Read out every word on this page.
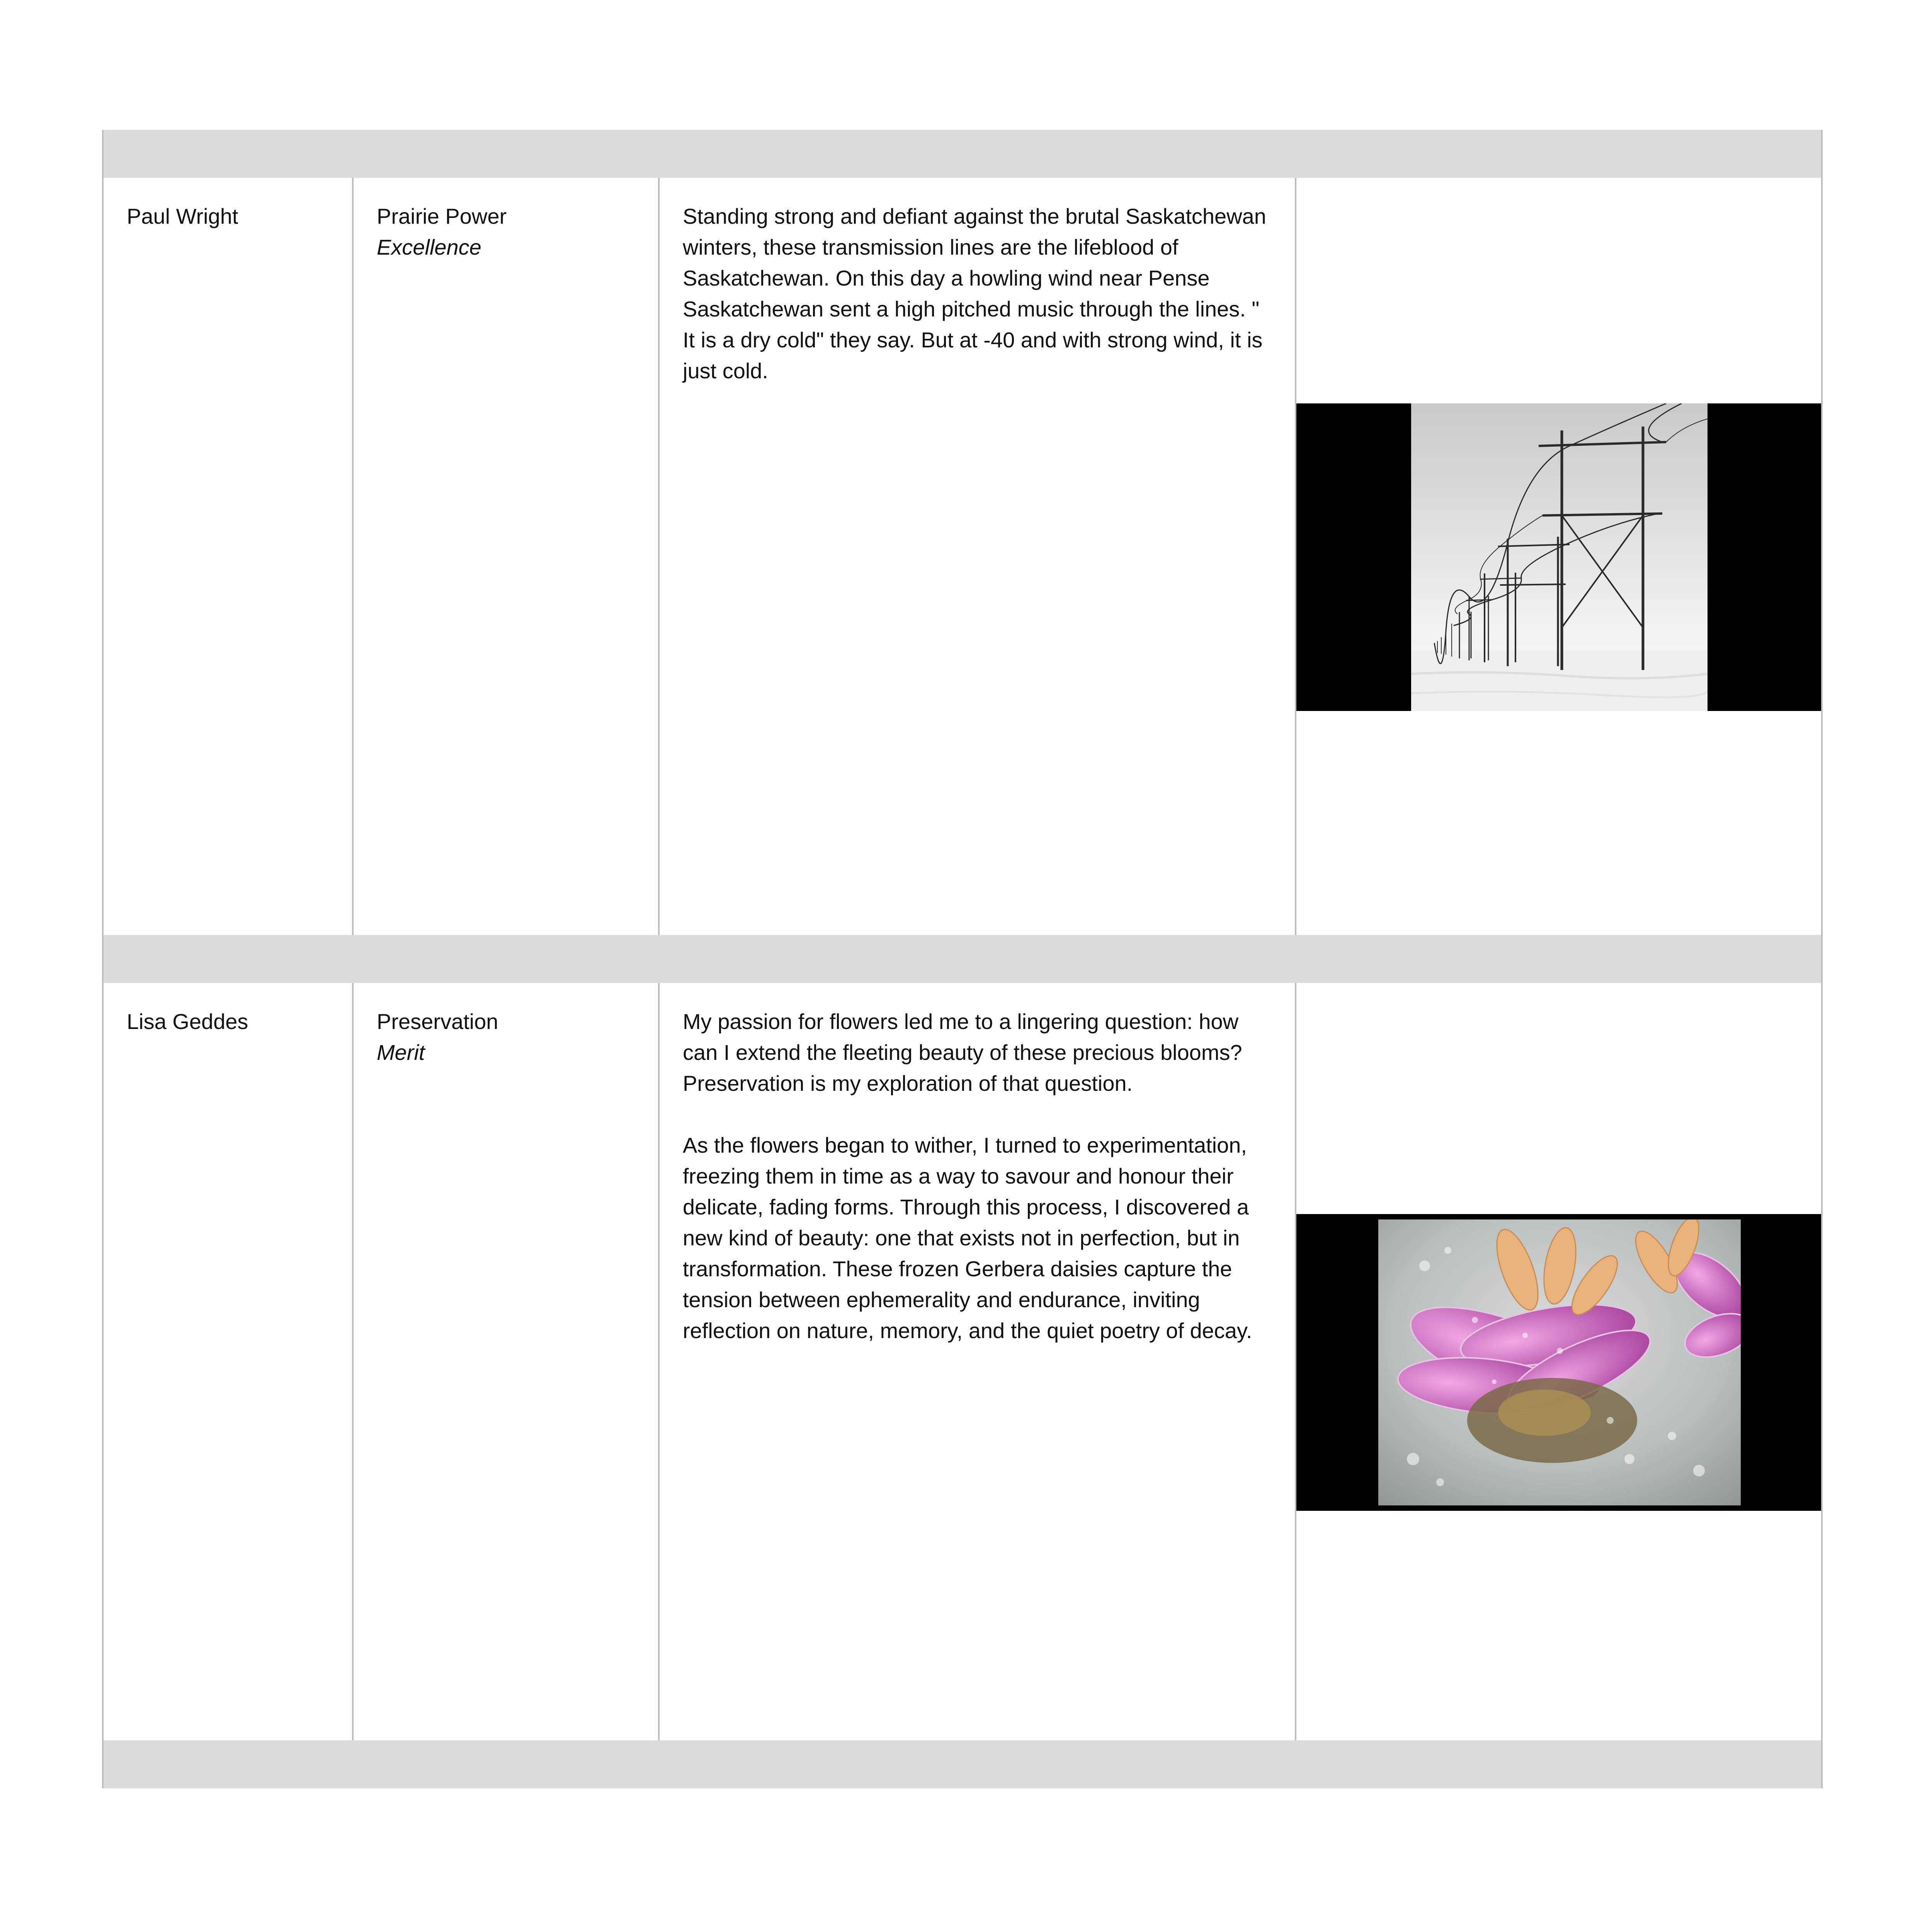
Paul Wright	Prairie Power
Excellence

Standing strong and defiant against the brutal Saskatchewan winters, these transmission lines are the lifeblood of Saskatchewan. On this day a howling wind near Pense Saskatchewan sent a high pitched music through the lines. " It is a dry cold" they say. But at -40 and with strong wind, it is just cold.

Lisa Geddes	Preservation
Merit

My passion for flowers led me to a lingering question: how can I extend the fleeting beauty of these precious blooms? Preservation is my exploration of that question.

As the flowers began to wither, I turned to experimentation, freezing them in time as a way to savour and honour their delicate, fading forms. Through this process, I discovered a new kind of beauty: one that exists not in perfection, but in transformation. These frozen Gerbera daisies capture the tension between ephemerality and endurance, inviting reflection on nature, memory, and the quiet poetry of decay.
